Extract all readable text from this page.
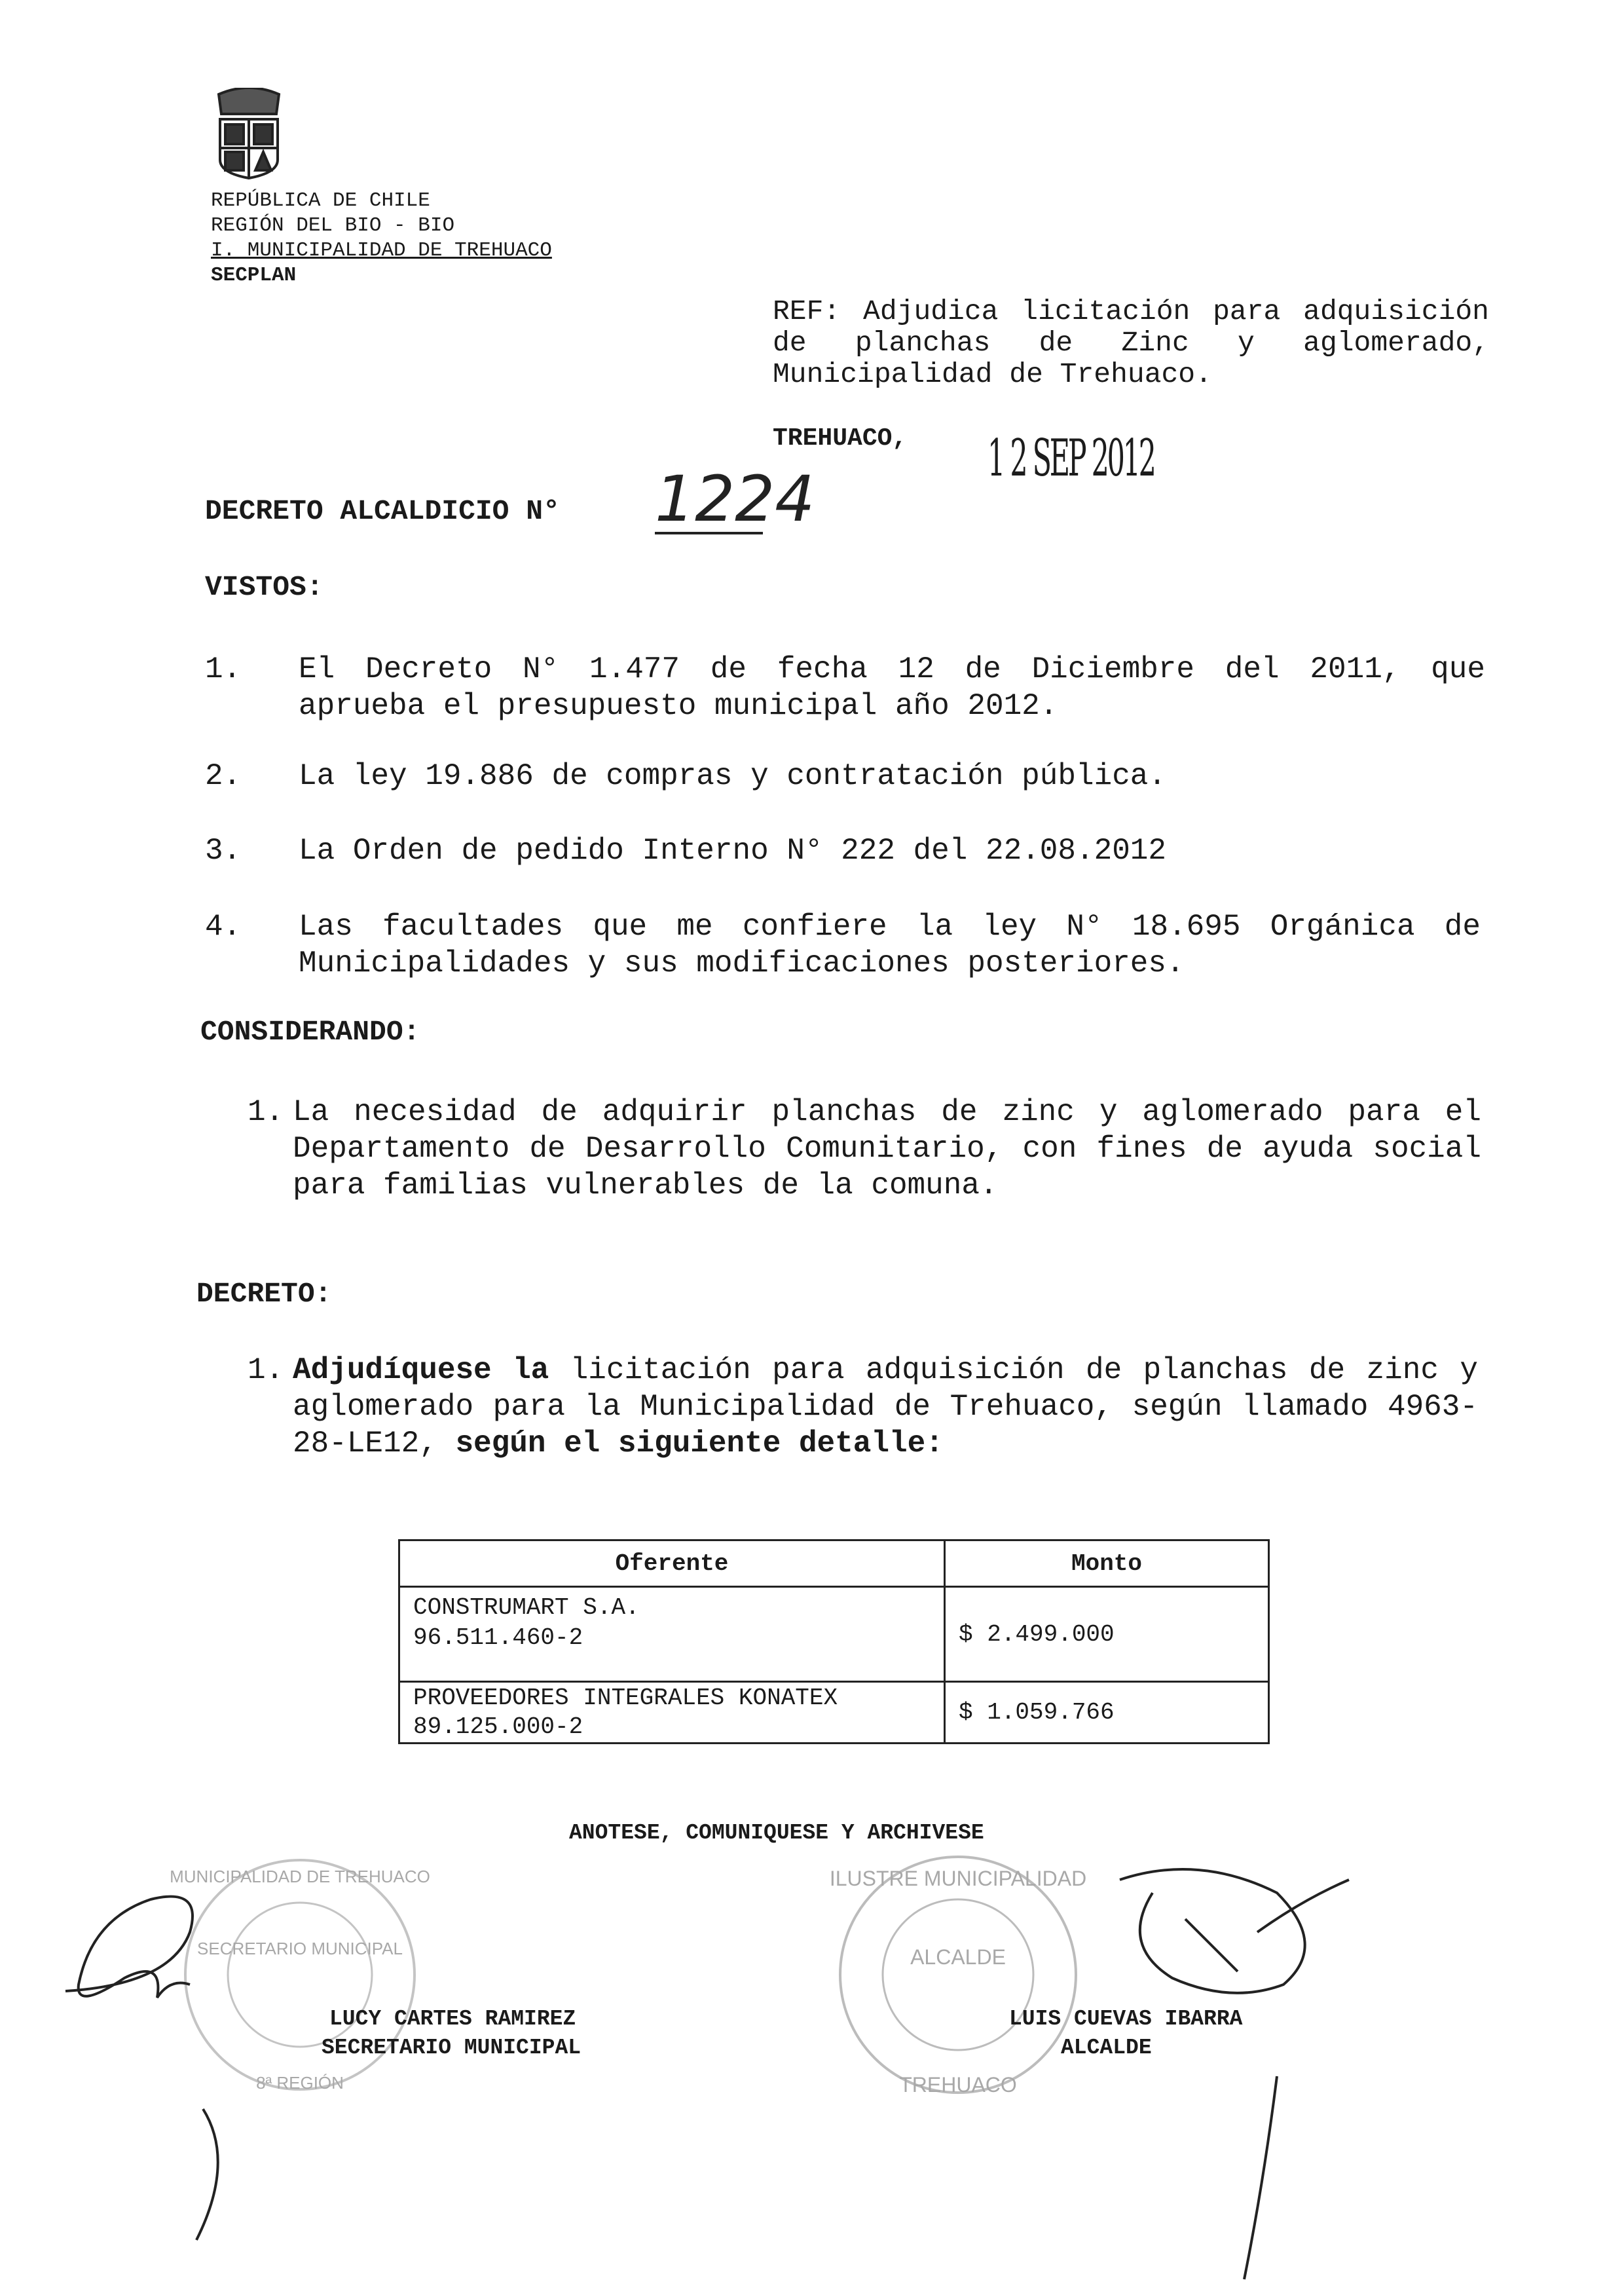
REPÚBLICA DE CHILE
REGIÓN DEL BIO - BIO
I. MUNICIPALIDAD DE TREHUACO
SECPLAN
REF: Adjudica licitación para adquisición de planchas de Zinc y aglomerado, Municipalidad de Trehuaco.
TREHUACO, 1 2 SEP 2012
DECRETO ALCALDICIO N° 1224
VISTOS:
1. El Decreto N° 1.477 de fecha 12 de Diciembre del 2011, que aprueba el presupuesto municipal año 2012.
2. La ley 19.886 de compras y contratación pública.
3. La Orden de pedido Interno N° 222 del 22.08.2012
4. Las facultades que me confiere la ley N° 18.695 Orgánica de Municipalidades y sus modificaciones posteriores.
CONSIDERANDO:
1. La necesidad de adquirir planchas de zinc y aglomerado para el Departamento de Desarrollo Comunitario, con fines de ayuda social para familias vulnerables de la comuna.
DECRETO:
1. Adjudíquese la licitación para adquisición de planchas de zinc y aglomerado para la Municipalidad de Trehuaco, según llamado 4963-28-LE12, según el siguiente detalle:
Oferente	Monto

CONSTRUMART S.A.
96.511.460-2	$ 2.499.000

PROVEEDORES INTEGRALES KONATEX
89.125.000-2	$ 1.059.766
MUNICIPALIDAD DE TREHUACO
SECRETARIO MUNICIPAL
8ª REGIÓN
ILUSTRE MUNICIPALIDAD
ALCALDE
TREHUACO
ANOTESE, COMUNIQUESE Y ARCHIVESE
LUCY CARTES RAMIREZ
SECRETARIO MUNICIPAL
LUIS CUEVAS IBARRA
ALCALDE
